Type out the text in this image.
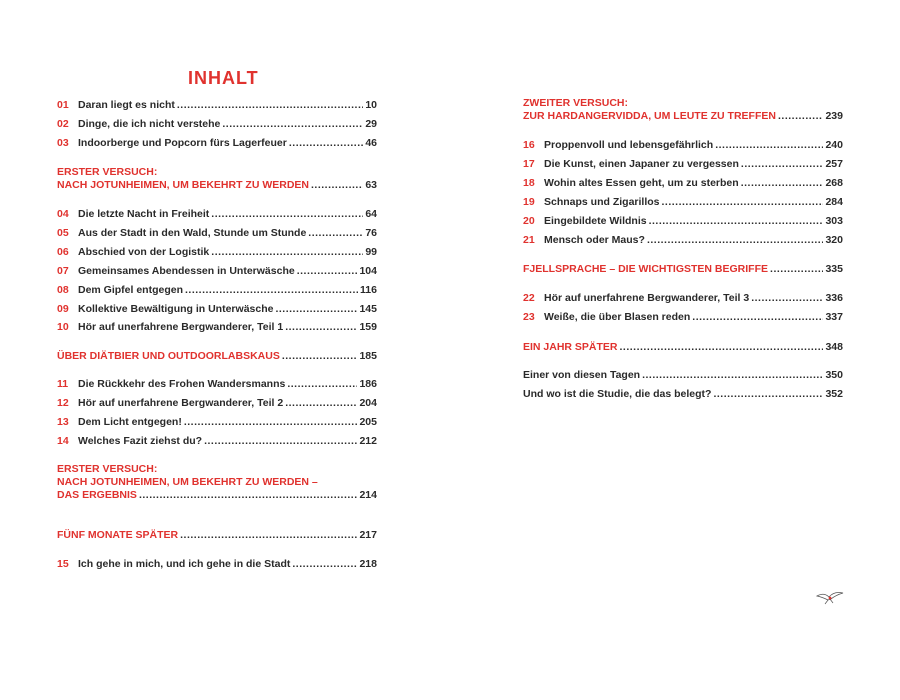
INHALT
01 Daran liegt es nicht .....	10
02 Dinge, die ich nicht verstehe .....	29
03 Indoorberge und Popcorn fürs Lagerfeuer .....	46
ERSTER VERSUCH:
NACH JOTUNHEIMEN, UM BEKEHRT ZU WERDEN .....	63
04 Die letzte Nacht in Freiheit .....	64
05 Aus der Stadt in den Wald, Stunde um Stunde .....	76
06 Abschied von der Logistik .....	99
07 Gemeinsames Abendessen in Unterwäsche .....	104
08 Dem Gipfel entgegen .....	116
09 Kollektive Bewältigung in Unterwäsche .....	145
10 Hör auf unerfahrene Bergwanderer, Teil 1 .....	159
ÜBER DIÄTBIER UND OUTDOORLABSKAUS .....	185
11 Die Rückkehr des Frohen Wandersmanns .....	186
12 Hör auf unerfahrene Bergwanderer, Teil 2 .....	204
13 Dem Licht entgegen! .....	205
14 Welches Fazit ziehst du? .....	212
ERSTER VERSUCH:
NACH JOTUNHEIMEN, UM BEKEHRT ZU WERDEN –
DAS ERGEBNIS .....	214
FÜNF MONATE SPÄTER .....	217
15 Ich gehe in mich, und ich gehe in die Stadt .....	218
ZWEITER VERSUCH:
ZUR HARDANGERVIDDA, UM LEUTE ZU TREFFEN .....	239
16 Proppenvoll und lebensgefährlich .....	240
17 Die Kunst, einen Japaner zu vergessen .....	257
18 Wohin altes Essen geht, um zu sterben .....	268
19 Schnaps und Zigarillos .....	284
20 Eingebildete Wildnis .....	303
21 Mensch oder Maus? .....	320
FJELLSPRACHE – DIE WICHTIGSTEN BEGRIFFE .....	335
22 Hör auf unerfahrene Bergwanderer, Teil 3 .....	336
23 Weiße, die über Blasen reden .....	337
EIN JAHR SPÄTER .....	348
Einer von diesen Tagen .....	350
Und wo ist die Studie, die das belegt? .....	352
